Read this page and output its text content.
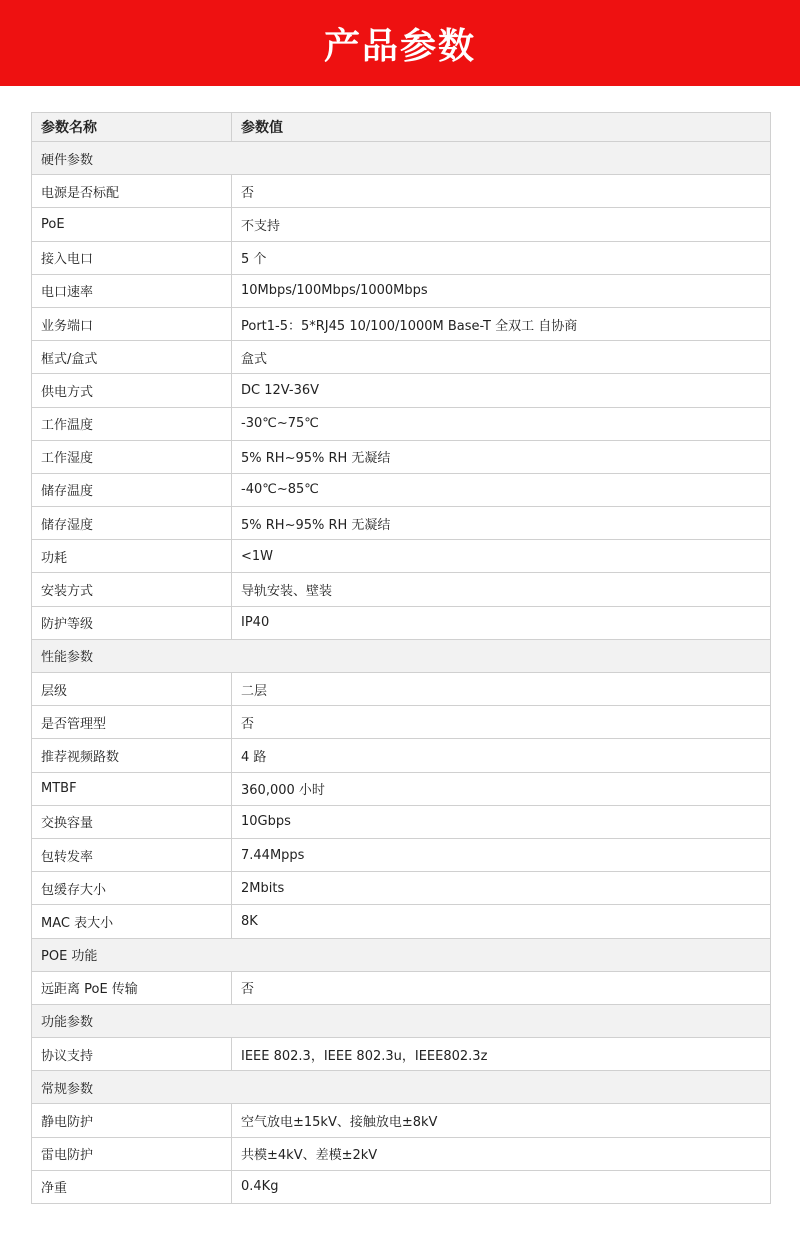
产品参数
参数名称	参数值
硬件参数	
电源是否标配	否
PoE	不支持
接入电口	5 个
电口速率	10Mbps/100Mbps/1000Mbps
业务端口	Port1-5：5*RJ45 10/100/1000M Base-T 全双工 自协商
框式/盒式	盒式
供电方式	DC 12V-36V
工作温度	-30℃~75℃
工作湿度	5% RH~95% RH 无凝结
储存温度	-40℃~85℃
储存湿度	5% RH~95% RH 无凝结
功耗	<1W
安装方式	导轨安装、壁装
防护等级	IP40
性能参数	
层级	二层
是否管理型	否
推荐视频路数	4 路
MTBF	360,000 小时
交换容量	10Gbps
包转发率	7.44Mpps
包缓存大小	2Mbits
MAC 表大小	8K
POE 功能	
远距离 PoE 传输	否
功能参数	
协议支持	IEEE 802.3，IEEE 802.3u，IEEE802.3z
常规参数	
静电防护	空气放电±15kV、接触放电±8kV
雷电防护	共模±4kV、差模±2kV
净重	0.4Kg
